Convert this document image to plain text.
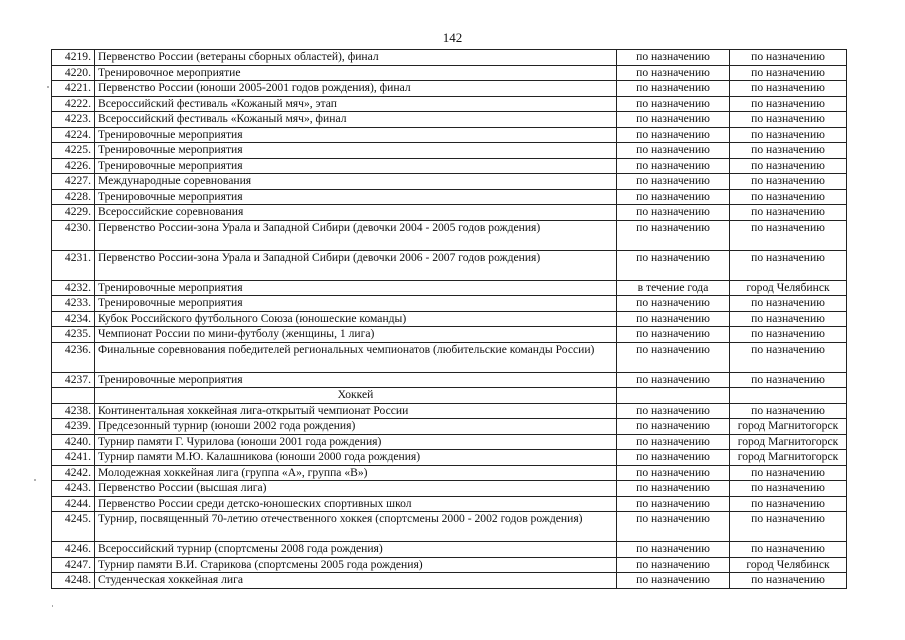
142
4219.	Первенство России (ветераны сборных областей), финал	по назначению	по назначению
4220.	Тренировочное мероприятие	по назначению	по назначению
4221.	Первенство России (юноши 2005-2001 годов рождения), финал	по назначению	по назначению
4222.	Всероссийский фестиваль «Кожаный мяч», этап	по назначению	по назначению
4223.	Всероссийский фестиваль «Кожаный мяч», финал	по назначению	по назначению
4224.	Тренировочные мероприятия	по назначению	по назначению
4225.	Тренировочные мероприятия	по назначению	по назначению
4226.	Тренировочные мероприятия	по назначению	по назначению
4227.	Международные соревнования	по назначению	по назначению
4228.	Тренировочные мероприятия	по назначению	по назначению
4229.	Всероссийские соревнования	по назначению	по назначению
4230.	Первенство России-зона Урала и Западной Сибири (девочки 2004 - 2005 годов рождения)	по назначению	по назначению
4231.	Первенство России-зона Урала и Западной Сибири (девочки 2006 - 2007 годов рождения)	по назначению	по назначению
4232.	Тренировочные мероприятия	в течение года	город Челябинск
4233.	Тренировочные мероприятия	по назначению	по назначению
4234.	Кубок Российского футбольного Союза (юношеские команды)	по назначению	по назначению
4235.	Чемпионат России по мини-футболу (женщины, 1 лига)	по назначению	по назначению
4236.	Финальные соревнования победителей региональных чемпионатов (любительские команды России)	по назначению	по назначению
4237.	Тренировочные мероприятия	по назначению	по назначению
	Хоккей		
4238.	Континентальная хоккейная лига-открытый чемпионат России	по назначению	по назначению
4239.	Предсезонный турнир (юноши 2002 года рождения)	по назначению	город Магнитогорск
4240.	Турнир памяти Г. Чурилова (юноши 2001 года рождения)	по назначению	город Магнитогорск
4241.	Турнир памяти М.Ю. Калашникова (юноши 2000 года рождения)	по назначению	город Магнитогорск
4242.	Молодежная хоккейная лига (группа «А», группа «В»)	по назначению	по назначению
4243.	Первенство России (высшая лига)	по назначению	по назначению
4244.	Первенство России среди детско-юношеских спортивных школ	по назначению	по назначению
4245.	Турнир, посвященный 70-летию отечественного хоккея (спортсмены 2000 - 2002 годов рождения)	по назначению	по назначению
4246.	Всероссийский турнир (спортсмены 2008 года рождения)	по назначению	по назначению
4247.	Турнир памяти В.И. Старикова (спортсмены 2005 года рождения)	по назначению	город Челябинск
4248.	Студенческая хоккейная лига	по назначению	по назначению
